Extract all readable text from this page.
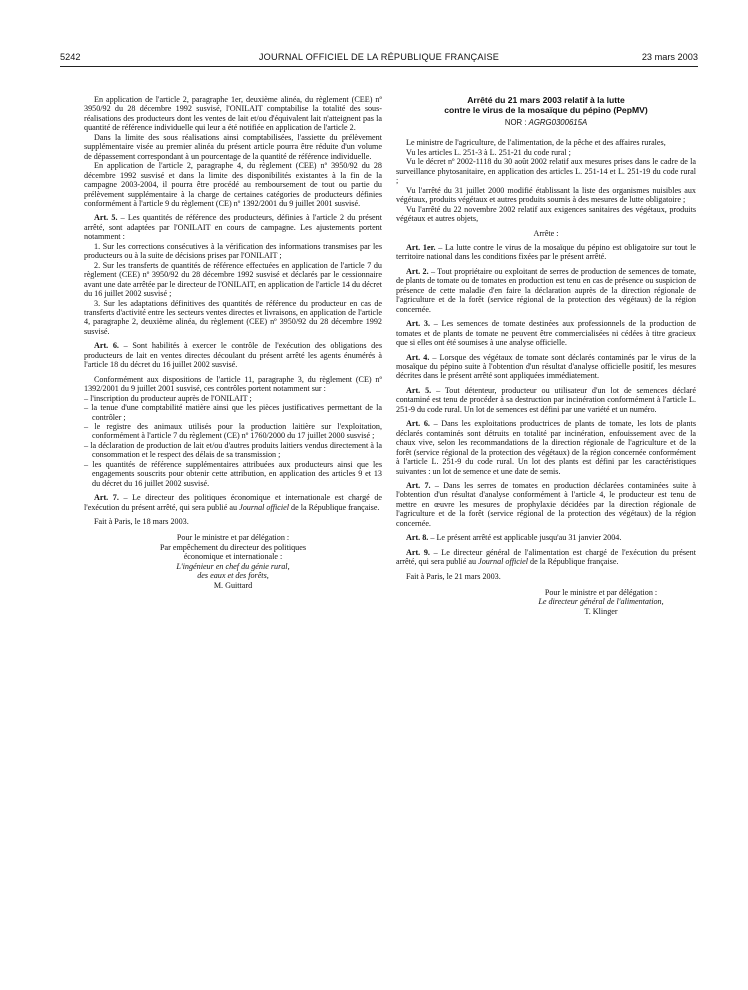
5242	JOURNAL OFFICIEL DE LA RÉPUBLIQUE FRANÇAISE	23 mars 2003

En application de l'article 2, paragraphe 1er, deuxième alinéa, du règlement (CEE) nº 3950/92 du 28 décembre 1992 susvisé, l'ONILAIT comptabilise la totalité des sous-réalisations des producteurs dont les ventes de lait et/ou d'équivalent lait n'atteignent pas la quantité de référence individuelle qui leur a été notifiée en application de l'article 2.

Dans la limite des sous réalisations ainsi comptabilisées, l'assiette du prélèvement supplémentaire visée au premier alinéa du présent article pourra être réduite d'un volume de dépassement correspondant à un pourcentage de la quantité de référence individuelle.

En application de l'article 2, paragraphe 4, du règlement (CEE) nº 3950/92 du 28 décembre 1992 susvisé et dans la limite des disponibilités existantes à la fin de la campagne 2003-2004, il pourra être procédé au remboursement de tout ou partie du prélèvement supplémentaire à la charge de certaines catégories de producteurs définies conformément à l'article 9 du règlement (CE) nº 1392/2001 du 9 juillet 2001 susvisé.

Art. 5. – Les quantités de référence des producteurs, définies à l'article 2 du présent arrêté, sont adaptées par l'ONILAIT en cours de campagne. Les ajustements portent notamment :

1. Sur les corrections consécutives à la vérification des informations transmises par les producteurs ou à la suite de décisions prises par l'ONILAIT ;

2. Sur les transferts de quantités de référence effectuées en application de l'article 7 du règlement (CEE) nº 3950/92 du 28 décembre 1992 susvisé et déclarés par le cessionnaire avant une date arrêtée par le directeur de l'ONILAIT, en application de l'article 14 du décret du 16 juillet 2002 susvisé ;

3. Sur les adaptations définitives des quantités de référence du producteur en cas de transferts d'activité entre les secteurs ventes directes et livraisons, en application de l'article 4, paragraphe 2, deuxième alinéa, du règlement (CEE) nº 3950/92 du 28 décembre 1992 susvisé.

Art. 6. – Sont habilités à exercer le contrôle de l'exécution des obligations des producteurs de lait en ventes directes découlant du présent arrêté les agents énumérés à l'article 18 du décret du 16 juillet 2002 susvisé.

Conformément aux dispositions de l'article 11, paragraphe 3, du règlement (CE) nº 1392/2001 du 9 juillet 2001 susvisé, ces contrôles portent notamment sur :

– l'inscription du producteur auprès de l'ONILAIT ;
– la tenue d'une comptabilité matière ainsi que les pièces justificatives permettant de la contrôler ;
– le registre des animaux utilisés pour la production laitière sur l'exploitation, conformément à l'article 7 du règlement (CE) nº 1760/2000 du 17 juillet 2000 susvisé ;
– la déclaration de production de lait et/ou d'autres produits laitiers vendus directement à la consommation et le respect des délais de sa transmission ;
– les quantités de référence supplémentaires attribuées aux producteurs ainsi que les engagements souscrits pour obtenir cette attribution, en application des articles 9 et 13 du décret du 16 juillet 2002 susvisé.

Art. 7. – Le directeur des politiques économique et internationale est chargé de l'exécution du présent arrêté, qui sera publié au Journal officiel de la République française.

Fait à Paris, le 18 mars 2003.

Pour le ministre et par délégation :
Par empêchement du directeur des politiques
économique et internationale :
L'ingénieur en chef du génie rural,
des eaux et des forêts,
M. Guittard
Arrêté du 21 mars 2003 relatif à la lutte
contre le virus de la mosaïque du pépino (PepMV)
NOR : AGRG0300615A

Le ministre de l'agriculture, de l'alimentation, de la pêche et des affaires rurales,

Vu les articles L. 251-3 à L. 251-21 du code rural ;

Vu le décret nº 2002-1118 du 30 août 2002 relatif aux mesures prises dans le cadre de la surveillance phytosanitaire, en application des articles L. 251-14 et L. 251-19 du code rural ;

Vu l'arrêté du 31 juillet 2000 modifié établissant la liste des organismes nuisibles aux végétaux, produits végétaux et autres produits soumis à des mesures de lutte obligatoire ;

Vu l'arrêté du 22 novembre 2002 relatif aux exigences sanitaires des végétaux, produits végétaux et autres objets,

Arrête :

Art. 1er. – La lutte contre le virus de la mosaïque du pépino est obligatoire sur tout le territoire national dans les conditions fixées par le présent arrêté.

Art. 2. – Tout propriétaire ou exploitant de serres de production de semences de tomate, de plants de tomate ou de tomates en production est tenu en cas de présence ou suspicion de présence de cette maladie d'en faire la déclaration auprès de la direction régionale de l'agriculture et de la forêt (service régional de la protection des végétaux) de la région concernée.

Art. 3. – Les semences de tomate destinées aux professionnels de la production de tomates et de plants de tomate ne peuvent être commercialisées ni cédées à titre gracieux que si elles ont été soumises à une analyse officielle.

Art. 4. – Lorsque des végétaux de tomate sont déclarés contaminés par le virus de la mosaïque du pépino suite à l'obtention d'un résultat d'analyse officielle positif, les mesures décrites dans le présent arrêté sont appliquées immédiatement.

Art. 5. – Tout détenteur, producteur ou utilisateur d'un lot de semences déclaré contaminé est tenu de procéder à sa destruction par incinération conformément à l'article L. 251-9 du code rural. Un lot de semences est défini par une variété et un numéro.

Art. 6. – Dans les exploitations productrices de plants de tomate, les lots de plants déclarés contaminés sont détruits en totalité par incinération, enfouissement avec de la chaux vive, selon les recommandations de la direction régionale de l'agriculture et de la forêt (service régional de la protection des végétaux) de la région concernée conformément à l'article L. 251-9 du code rural. Un lot des plants est défini par les caractéristiques suivantes : un lot de semence et une date de semis.

Art. 7. – Dans les serres de tomates en production déclarées contaminées suite à l'obtention d'un résultat d'analyse conformément à l'article 4, le producteur est tenu de mettre en œuvre les mesures de prophylaxie décidées par la direction régionale de l'agriculture et de la forêt (service régional de la protection des végétaux) de la région concernée.

Art. 8. – Le présent arrêté est applicable jusqu'au 31 janvier 2004.

Art. 9. – Le directeur général de l'alimentation est chargé de l'exécution du présent arrêté, qui sera publié au Journal officiel de la République française.

Fait à Paris, le 21 mars 2003.

Pour le ministre et par délégation :
Le directeur général de l'alimentation,
T. Klinger
